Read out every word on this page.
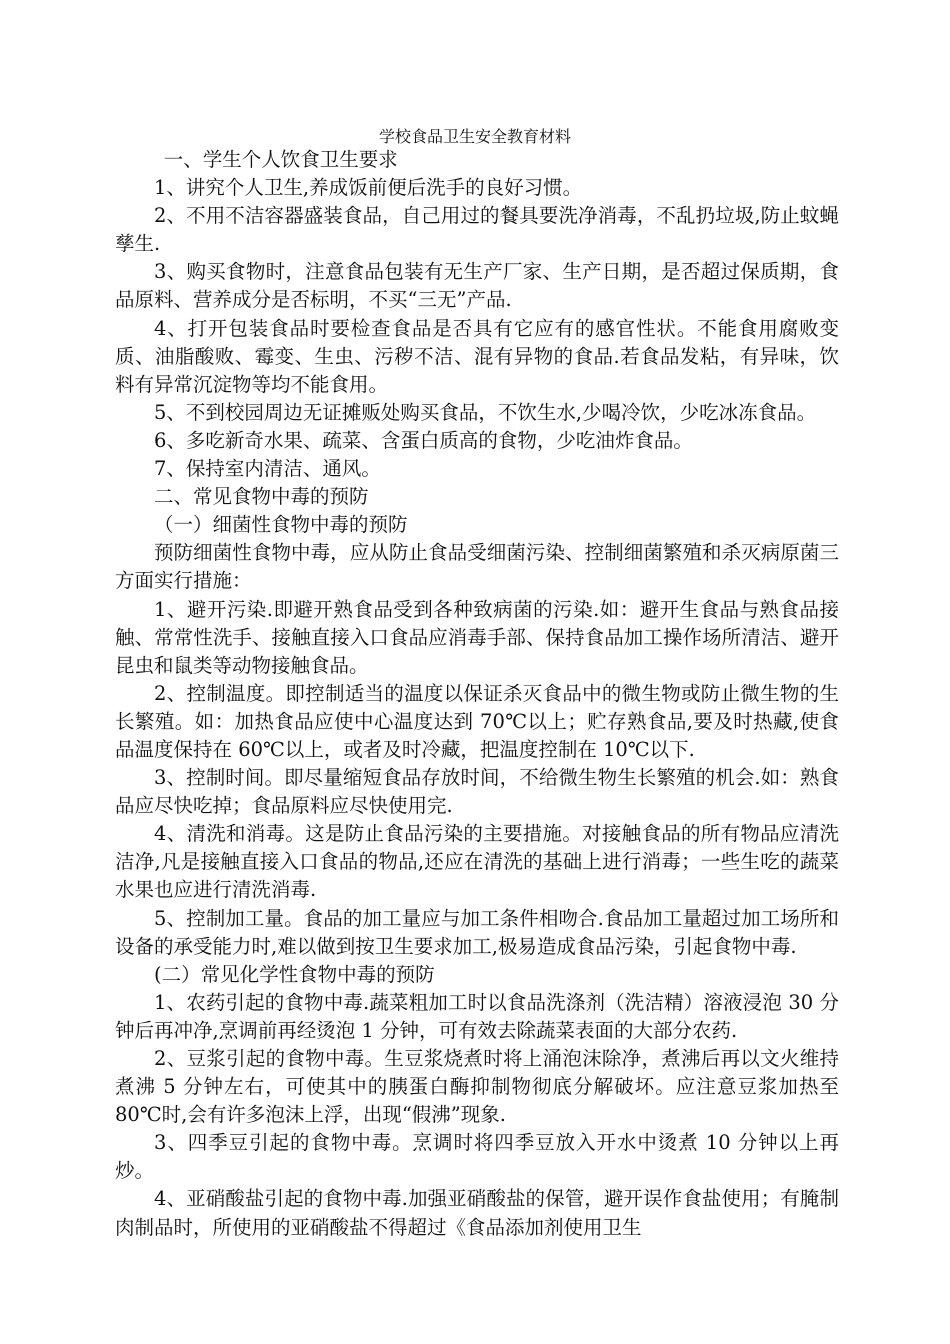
学校食品卫生安全教育材料

一、学生个人饮食卫生要求

1、讲究个人卫生,养成饭前便后洗手的良好习惯。

2、不用不洁容器盛装食品，自己用过的餐具要洗净消毒，不乱扔垃圾,防止蚊蝇孳生.

3、购买食物时，注意食品包装有无生产厂家、生产日期，是否超过保质期，食品原料、营养成分是否标明，不买“三无”产品.

4、打开包装食品时要检查食品是否具有它应有的感官性状。不能食用腐败变质、油脂酸败、霉变、生虫、污秽不洁、混有异物的食品.若食品发粘，有异味，饮料有异常沉淀物等均不能食用。

5、不到校园周边无证摊贩处购买食品，不饮生水,少喝冷饮，少吃冰冻食品。

6、多吃新奇水果、疏菜、含蛋白质高的食物，少吃油炸食品。

7、保持室内清洁、通风。

二、常见食物中毒的预防

（一）细菌性食物中毒的预防

预防细菌性食物中毒，应从防止食品受细菌污染、控制细菌繁殖和杀灭病原菌三方面实行措施：

1、避开污染.即避开熟食品受到各种致病菌的污染.如：避开生食品与熟食品接触、常常性洗手、接触直接入口食品应消毒手部、保持食品加工操作场所清洁、避开昆虫和鼠类等动物接触食品。

2、控制温度。即控制适当的温度以保证杀灭食品中的微生物或防止微生物的生长繁殖。如：加热食品应使中心温度达到 70℃以上；贮存熟食品,要及时热藏,使食品温度保持在 60℃以上，或者及时冷藏，把温度控制在 10℃以下.

3、控制时间。即尽量缩短食品存放时间，不给微生物生长繁殖的机会.如：熟食品应尽快吃掉；食品原料应尽快使用完.

4、清洗和消毒。这是防止食品污染的主要措施。对接触食品的所有物品应清洗洁净,凡是接触直接入口食品的物品,还应在清洗的基础上进行消毒；一些生吃的蔬菜水果也应进行清洗消毒.

5、控制加工量。食品的加工量应与加工条件相吻合.食品加工量超过加工场所和设备的承受能力时,难以做到按卫生要求加工,极易造成食品污染，引起食物中毒.

(二）常见化学性食物中毒的预防

1、农药引起的食物中毒.蔬菜粗加工时以食品洗涤剂（洗洁精）溶液浸泡 30 分钟后再冲净,烹调前再经烫泡 1 分钟，可有效去除蔬菜表面的大部分农药.

2、豆浆引起的食物中毒。生豆浆烧煮时将上涌泡沫除净，煮沸后再以文火维持煮沸 5 分钟左右，可使其中的胰蛋白酶抑制物彻底分解破坏。应注意豆浆加热至 80℃时,会有许多泡沫上浮，出现“假沸”现象.

3、四季豆引起的食物中毒。烹调时将四季豆放入开水中烫煮 10 分钟以上再炒。

4、亚硝酸盐引起的食物中毒.加强亚硝酸盐的保管，避开误作食盐使用；有腌制肉制品时，所使用的亚硝酸盐不得超过《食品添加剂使用卫生
